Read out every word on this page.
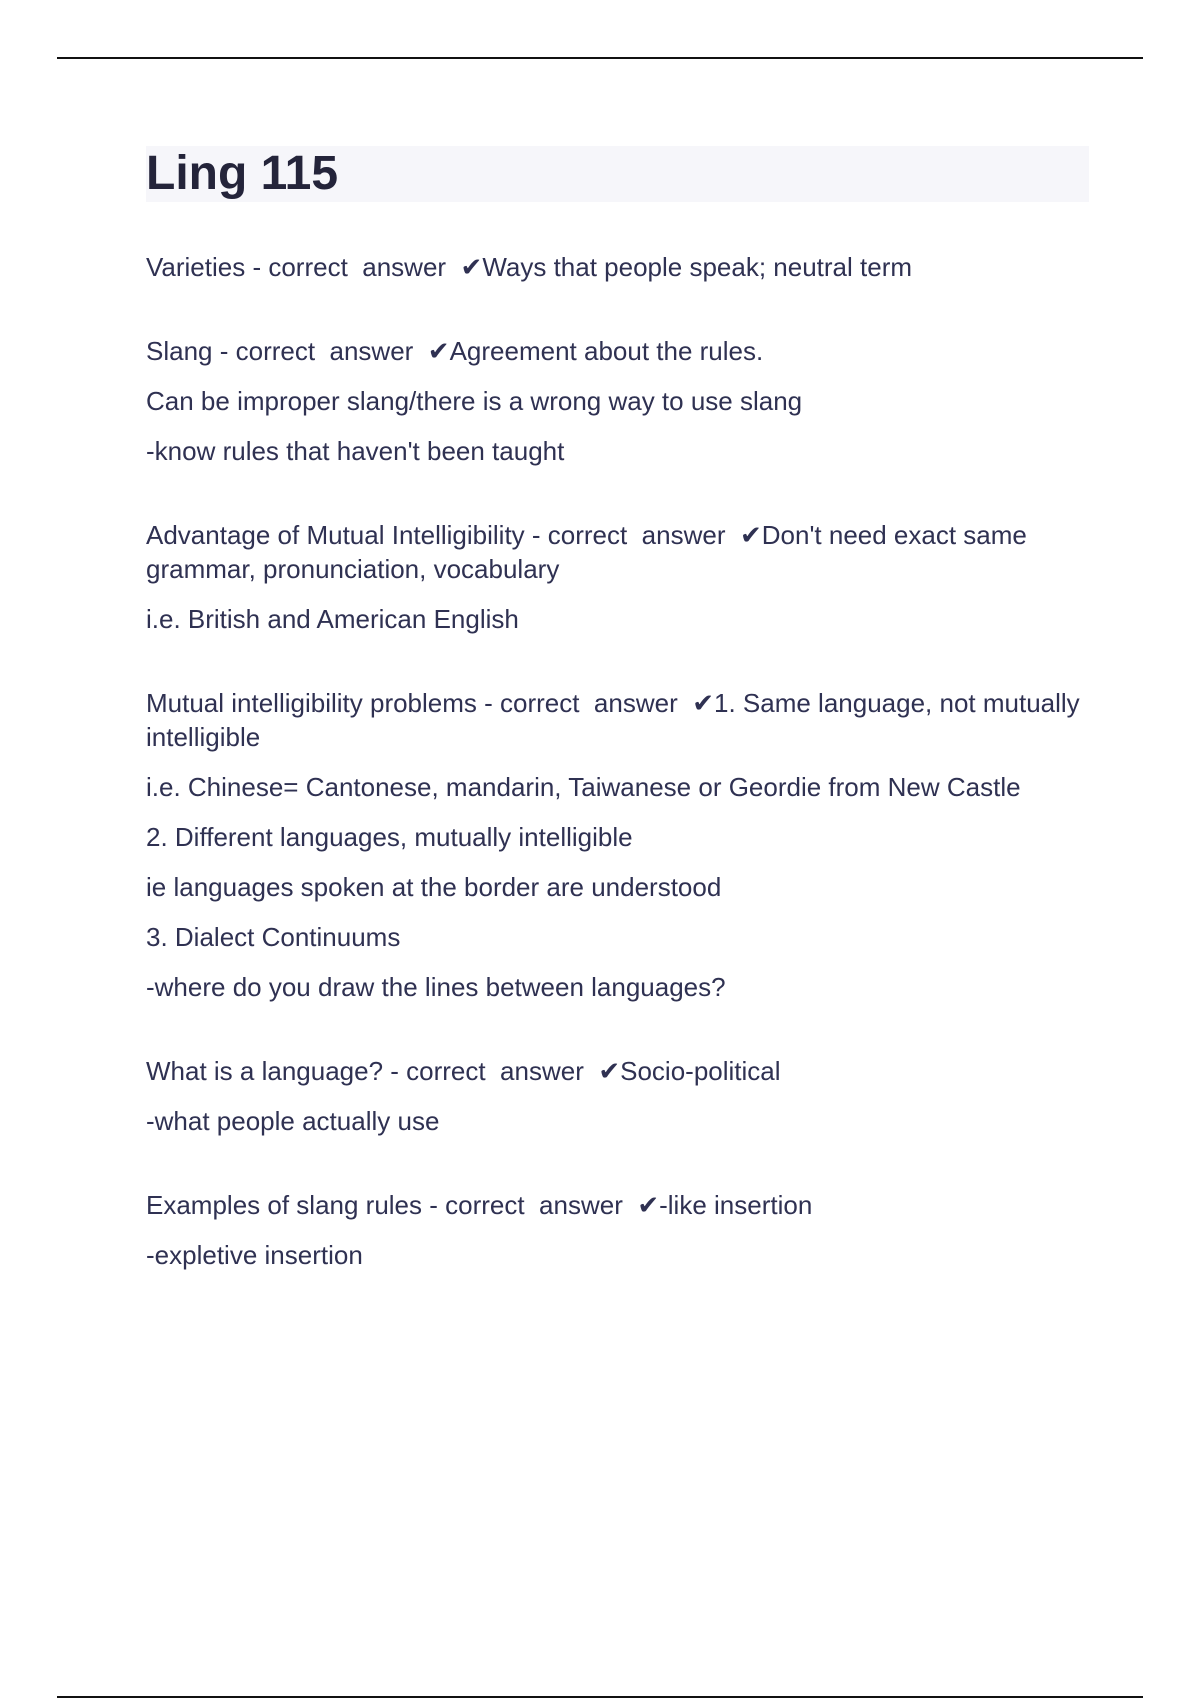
Ling 115

Varieties - correct  answer  ✔Ways that people speak; neutral term

Slang - correct  answer  ✔Agreement about the rules.

Can be improper slang/there is a wrong way to use slang

-know rules that haven't been taught

Advantage of Mutual Intelligibility - correct  answer  ✔Don't need exact same grammar, pronunciation, vocabulary

i.e. British and American English

Mutual intelligibility problems - correct  answer  ✔1. Same language, not mutually intelligible

i.e. Chinese= Cantonese, mandarin, Taiwanese or Geordie from New Castle

2. Different languages, mutually intelligible

ie languages spoken at the border are understood

3. Dialect Continuums

-where do you draw the lines between languages?

What is a language? - correct  answer  ✔Socio-political

-what people actually use

Examples of slang rules - correct  answer  ✔-like insertion

-expletive insertion
